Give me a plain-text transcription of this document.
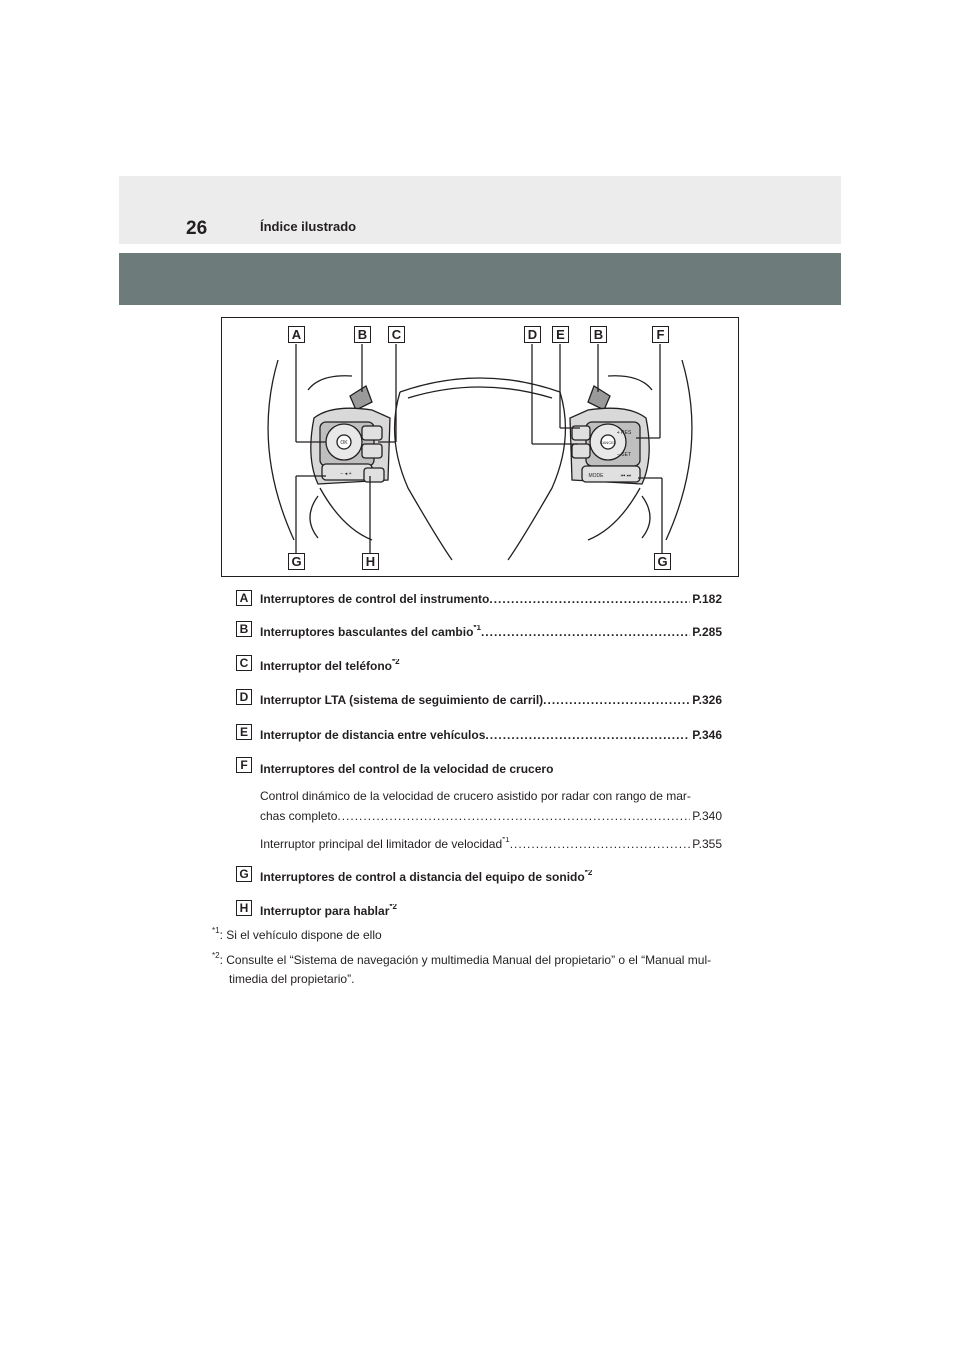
26	Índice ilustrado
OK
+ RES
− SET
CANCEL
MODE
− ◂ +	⏮ ⏭
A	B C	D	E	B	F
G	H	G
A Interruptores de control del instrumento .....	P.182
B Interruptores basculantes del cambio$^{*1}$ .....	P.285
C Interruptor del teléfono$^{*2}$
D Interruptor LTA (sistema de seguimiento de carril) .....	P.326
E	Interruptor de distancia entre vehículos .....	P.346
F	Interruptores del control de la velocidad de crucero
Control dinámico de la velocidad de crucero asistido por radar con rango de mar-
chas completo .....	P.340
Interruptor principal del limitador de velocidad$^{*1}$ .....	P.355
G Interruptores de control a distancia del equipo de sonido$^{*2}$
H Interruptor para hablar$^{*2}$
$^{*1}$: Si el vehículo dispone de ello
$^{*2}$: Consulte el “Sistema de navegación y multimedia Manual del propietario” o el “Manual mul-
timedia del propietario”.
